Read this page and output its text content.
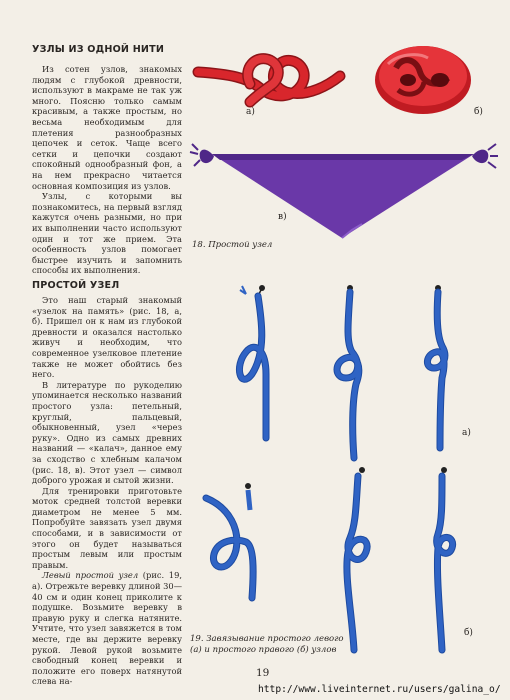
УЗЛЫ ИЗ ОДНОЙ НИТИ

Из сотен узлов, знакомых людям с глубокой древности, используют в макраме не так уж много. Поясню только самым красивым, а также простым, но весьма необходимым для плетения разнообразных цепочек и сеток. Чаще всего сетки и цепочки создают спокойный однообразный фон, а на нем прекрасно читается основная композиция из узлов.

Узлы, с которыми вы познакомитесь, на первый взгляд кажутся очень разными, но при их выполнении часто используют один и тот же прием. Эта особенность узлов помогает быстрее изучить и запомнить способы их выполнения.

ПРОСТОЙ УЗЕЛ

Это наш старый знакомый «узелок на память» (рис. 18, а, б). Пришел он к нам из глубокой древности и оказался настолько живуч и необходим, что современное узелковое плетение также не может обойтись без него.

В литературе по рукоделию упоминается несколько названий простого узла: петельный, круглый, пальцевый, обыкновенный, узел «через руку». Одно из самых древних названий — «калач», данное ему за сходство с хлебным калачом (рис. 18, в). Этот узел — символ доброго урожая и сытой жизни.

Для тренировки приготовьте моток средней толстой веревки диаметром не менее 5 мм. Попробуйте завязать узел двумя способами, и в зависимости от этого он будет называться простым левым или простым правым.

Левый простой узел (рис. 19, а). Отрежьте веревку длиной 30—40 см и один конец приколите к подушке. Возьмите веревку в правую руку и слегка натяните. Учтите, что узел завяжется в том месте, где вы держите веревку рукой. Левой рукой возьмите свободный конец веревки и положите его поверх натянутой слева на-

а)	б)
в)
18. Простой узел
а)
б)
19. Завязывание простого левого
(а) и простого правого (б) узлов
19
http://www.liveinternet.ru/users/galina_o/
